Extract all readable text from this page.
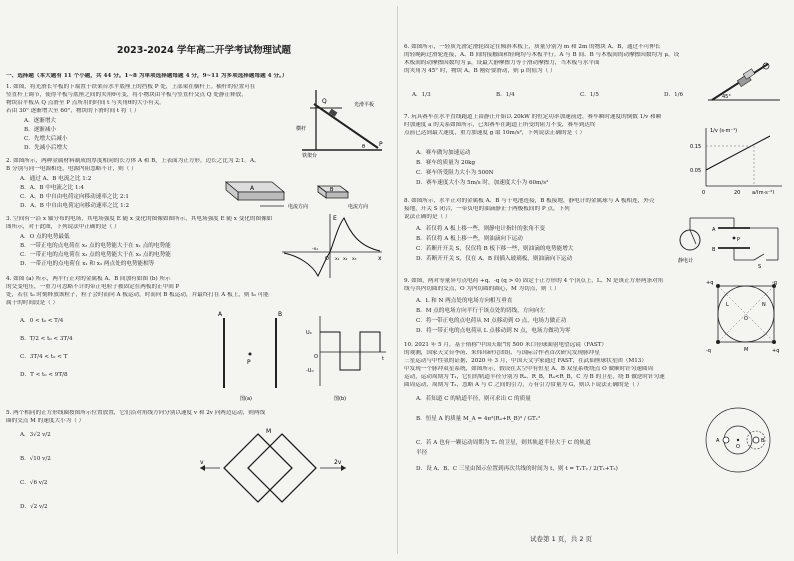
2023-2024 学年高二开学考试物理试题
一、选择题（本大题有 11 个小题，共 44 分。1~8 为单项选择题每题 4 分，9~11 为多项选择题每题 4 分。）
1. 如图，将光滑长平板的下端置于铁架台水平底座上的挡板 P 处，上部架在横杆上。横杆的位置可在
竖直杆上调节，使得平板与底座之间的夹角θ可变，将小物块由平板与竖直杆交点 Q 处静止释放，
物块沿平板从 Q 点滑至 P 点所用的时间 t 与夹角θ的大小有关。
若由 30° 逐渐增大至 60°，物块的下滑时间 t 将（ ）
A．逐渐增大
B．逐渐减小
C．先增大后减小
D．先减小后增大
Q
P
光滑平板
横杆
铁架台
θ
2. 如图所示，两种金属材料制成的厚度相同的长方体 A 和 B，上表面为正方形，边长之比为 2:1。A、
B 分别与同一电源相连，电源内阻忽略不计，则（ ）
A．通过 A、B 电流之比 1:2
B．A、B 中电流之比 1:4
C．A、B 中自由电荷定向移动速率之比 2:1
D．A、B 中自由电荷定向移动速率之比 1:2
A
电流方向
B
电流方向
3. 空间有一沿 x 轴分布的电场，其电场强度 E 随 x 变化的图像如图所示，其电场强度 E 随 x 变化的图像如
图所示，对于此图，下列说法中正确的是（ ）
A．O 点的电势最低
B．一带正电的点电荷在 x₂ 点的电势能大于在 x₁ 点的电势能
C．一带正电的点电荷在 x₂ 点的电势能大于在 x₃ 点的电势能
D．一带正电的点电荷在 x₁ 和 x₃ 两点处的电势能相等
E
x
O
-x₁
x₁ x₂ x₃
4. 如图 (a) 所示，两平行正对的金属板 A、B 间加有如图 (b) 所示
的交变电压，一重力可忽略不计的带正电粒子被固定在两板的正中间 P
处，若在 t₀ 时刻释放该粒子，粒子会时而向 A 板运动，时而向 B 板运动，并最终打在 A 板上，则 t₀ 可能
属于的时间段是（ ）
A．0 < t₀ < T/4
B．T/2 < t₀ < 3T/4
C．3T/4 < t₀ < T
D．T < t₀ < 9T/8
A	B
P
图(a)
U₀
-U₀
t
O
图(b)
5. 两个相同的正方形线圈按图所示位置放置，它们沿对角线方向分别以速度 v 和 2v 向两边运动，则两线
圈的交点 M 的速度大小为（ ）
A．3√2 v/2
B．√10 v/2
C．√6 v/2
D．√2 v/2
M
v	2v
6. 如图所示，一轻质光滑定滑轮固定在倾斜木板上，质量分别为 m 和 2m 的物块 A、B，通过不可伸长
的轻绳跨过滑轮连接，A、B 间的接触面和轻绳均与木板平行。A 与 B 间、B 与木板间的动摩擦因数均为 μ，设
木板间的动摩擦因数均为 μ，设最大静摩擦力等于滑动摩擦力，当木板与水平面
的夹角为 45° 时，物块 A、B 刚好要滑动，则 μ 的值为（ ）
A．1/3	B．1/4	C．1/5	D．1/6	45°
7. 玩具赛车在水平直线跑道上由静止开始以 20kW 的恒定功率加速前进，赛车瞬时速度的倒数 1/v 和瞬
时加速度 a 的关系如图所示，已知赛车在跑道上所受的阻力不变，赛车到达终
点前已达到最大速度，重力加速度 g 取 10m/s²，下列说法正确的是（ ）
A．赛车做匀加速运动
B．赛车的质量为 20kg
C．赛车所受阻力大小为 500N
D．赛车速度大小为 5m/s 时，加速度大小为 60m/s²
1/v (s·m⁻¹)
a/(m·s⁻²)
0.15
0.05
0	20
8. 如图所示，水平正对的金属板 A、B 与干电池连接，B 板接地，静电计的金属球与 A 板相连，外壳
接地，开关 S 闭合，一带负电的油滴静止于两极板间的 P 点，下列
说法正确的是（ ）
A．若仅将 A 板上移一些，则静电计指针的张角不变
B．若仅将 A 板上移一些，则油滴向下运动
C．若断开开关 S，仅仅将 B 板下移一些，则油滴的电势能增大
D．若断开开关 S，仅在 A、B 间插入玻璃板，则油滴向下运动
A
B
P
S
静电计
9. 如图，两对等量异号点电荷 +q、-q (q > 0) 固定于正方形的 4 个顶点上，L、N 是该正方形两条对角
线与其内切圆的交点，O 为内切圆的圆心，M 为切点，则（ ）
A．L 和 N 两点处的电场方向相互垂直
B．M 点的电场方向平行于该点处的切线，方向向左
C．将一带正电的点电荷从 M 点移动到 O 点，电场力做正功
D．将一带正电的点电荷从 L 点移动到 N 点，电场力做功为零
+q	-q
-q	+q
L	N
O
M
10. 2021 年 5 月，基于俗称“中国天眼”的 500 米口径球面射电望远镜（FAST）
的观测，国家天文台李菂、朱炜玮研究团组、与国际合作者首次研究发现脉冲星
三星运动与中性氢的证据，2020 年 3 月，中国天文学家通过 FAST，在武仙座球状星团（M13）
中发现一个脉冲双星系统，如图所示，假设在太空中有恒星 A、B 双星系统绕点 O 做顺时针匀速圆周
运动，运动周期为 T₁，它们的轨道半径分别为 Rₐ、R_B，Rₐ<R_B，C 为 B 的卫星，绕 B 做逆时针匀速
圆周运动，周期为 T₂，忽略 A 与 C 之间的引力，万有引力常量为 G，则以下说法正确的是（ ）
A．若知道 C 的轨道半径，则可求出 C 的质量
B．恒星 A 的质量 M_A = 4π²(Rₐ+R_B)³ / GT₁²
C．若 A 也有一颗运动周期为 T₂ 的卫星，则其轨道半径大于 C 的轨道
半径
D．设 A、B、C 三星由图示位置到再次共线的时间为 t，则 t = T₁T₂ / 2(T₁+T₂)
A
O
B
试卷第 1 页，共 2 页
